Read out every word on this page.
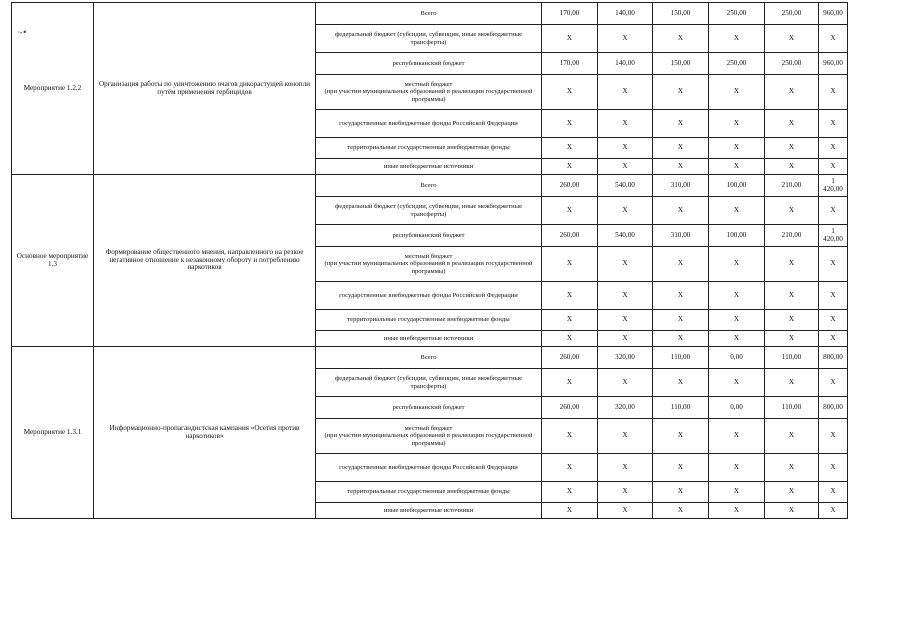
·-•
Мероприятие 1.2.2	Организация работы по уничтожению очагов дикорастущей конопли путём применения гербицидов	Всего	170,00	140,00	150,00	250,00	250,00	960,00
		федеральный бюджет (субсидии, субвенции, иные межбюджетные трансферты)	X	X	X	X	X	X
		республиканский бюджет	170,00	140,00	150,00	250,00	250,00	960,00
		местный бюджет
(при участии муниципальных образований в реализации государственной программы)	X	X	X	X	X	X
		государственные внебюджетные фонды Российской Федерации	X	X	X	X	X	X
		территориальные государственные внебюджетные фонды	X	X	X	X	X	X
		иные внебюджетные источники	X	X	X	X	X	X
Основное мероприятие 1.3	Формирование общественного мнения, направленного на резкое негативное отношение к незаконному обороту и потреблению наркотиков	Всего	260,00	540,00	310,00	100,00	210,00	1 420,00
		федеральный бюджет (субсидии, субвенции, иные межбюджетные трансферты)	X	X	X	X	X	X
		республиканский бюджет	260,00	540,00	310,00	100,00	210,00	1 420,00
		местный бюджет
(при участии муниципальных образований в реализации государственной программы)	X	X	X	X	X	X
		государственные внебюджетные фонды Российской Федерации	X	X	X	X	X	X
		территориальные государственные внебюджетные фонды	X	X	X	X	X	X
		иные внебюджетные источники	X	X	X	X	X	X
Мероприятие 1.3.1	Информационно-пропагандистская кампания «Осетия против наркотиков»	Всего	260,00	320,00	110,00	0,00	110,00	800,00
		федеральный бюджет (субсидии, субвенции, иные межбюджетные трансферты)	X	X	X	X	X	X
		республиканский бюджет	260,00	320,00	110,00	0,00	110,00	800,00
		местный бюджет
(при участии муниципальных образований в реализации государственной программы)	X	X	X	X	X	X
		государственные внебюджетные фонды Российской Федерации	X	X	X	X	X	X
		территориальные государственные внебюджетные фонды	X	X	X	X	X	X
		иные внебюджетные источники	X	X	X	X	X	X
